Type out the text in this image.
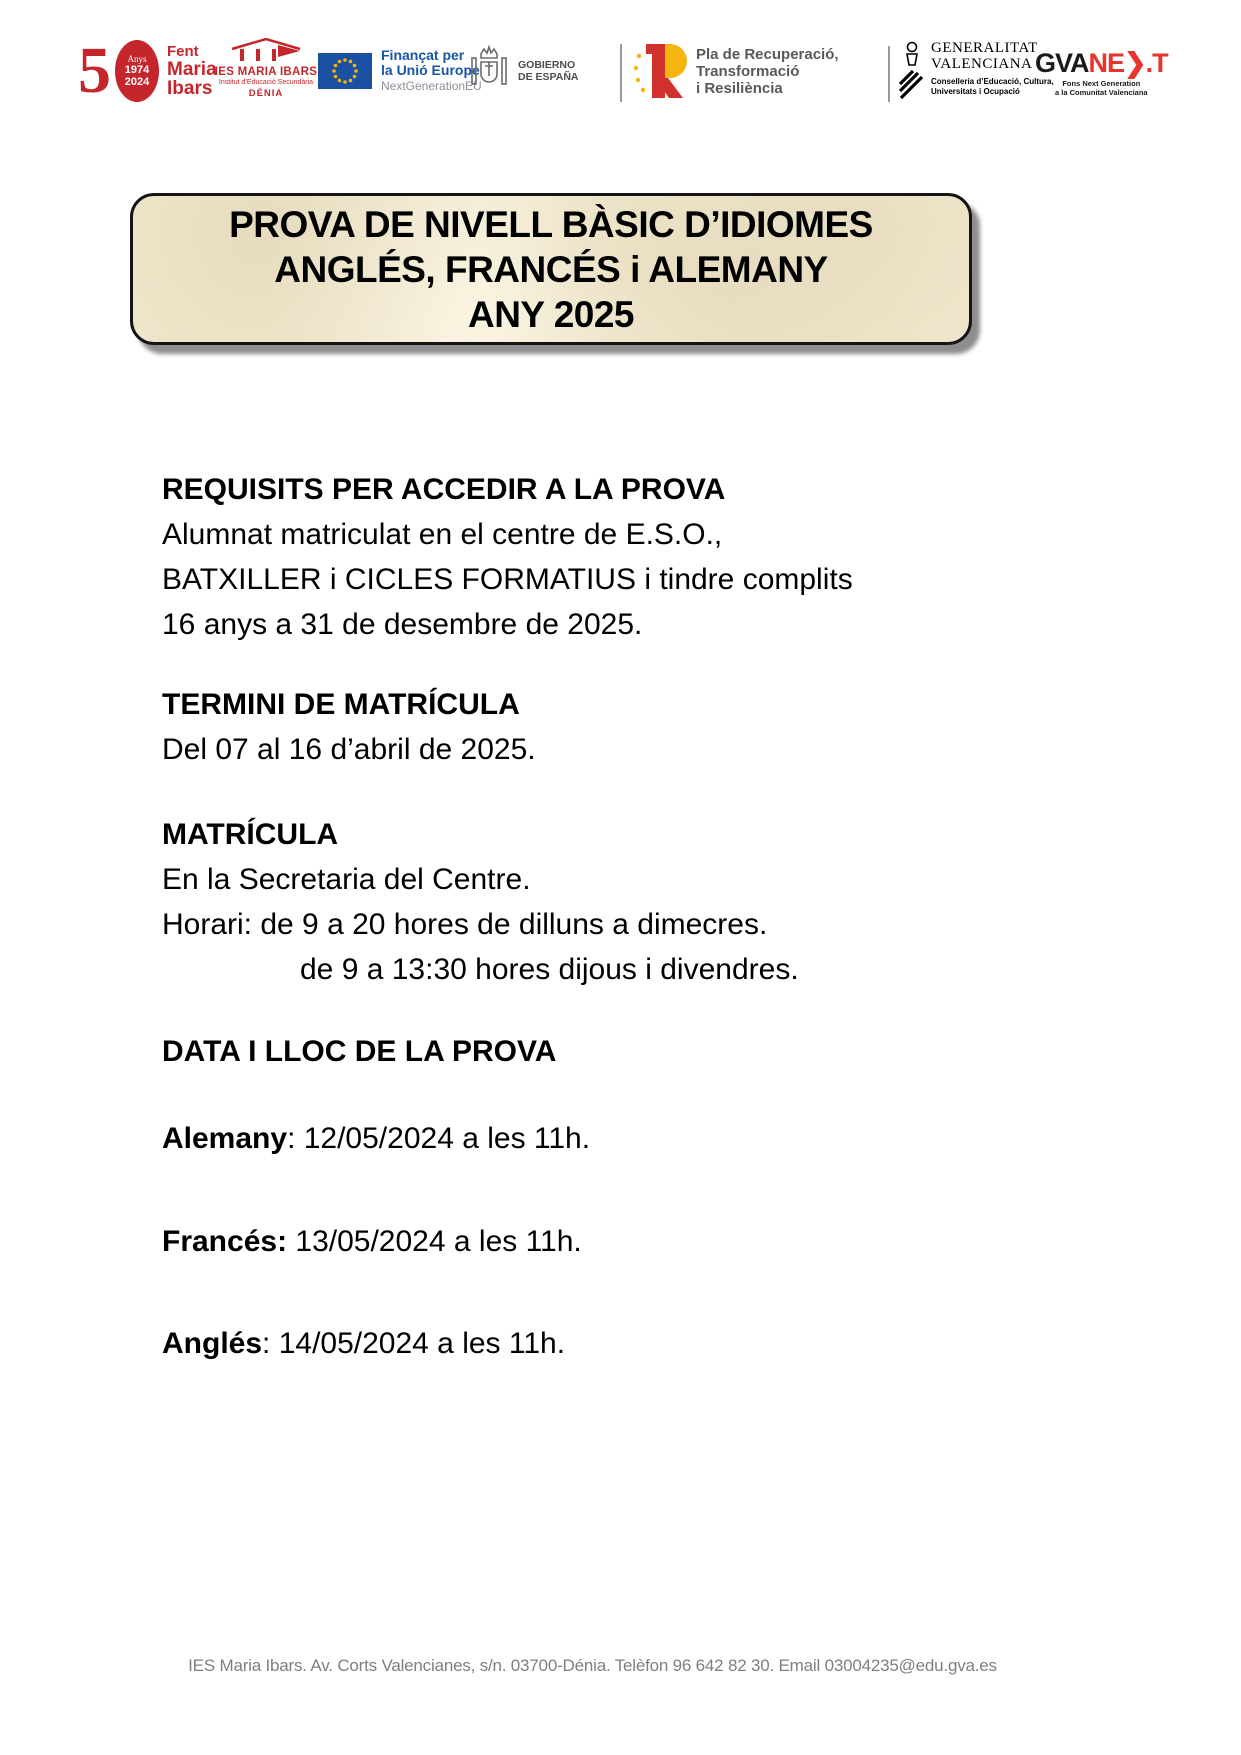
5 Anys
1974
2024
Fent
Maria
Ibars
IES MARIA IBARS
Institut d’Educació Secundària
DÉNIA
Finançat per
la Unió Europe
NextGenerationEU
GOBIERNO
DE ESPAÑA
Pla de Recuperació,
Transformació
i Resiliència
GENERALITAT
VALENCIANA
Conselleria d’Educació, Cultura,
Universitats i Ocupació
GVANE❯.T
Fons Next Generation
a la Comunitat Valenciana
PROVA DE NIVELL BÀSIC D’IDIOMES
ANGLÉS, FRANCÉS i ALEMANY
ANY 2025

REQUISITS PER ACCEDIR A LA PROVA

Alumnat matriculat en el centre de E.S.O.,

BATXILLER i CICLES FORMATIUS i tindre complits

16 anys a 31 de desembre de 2025.

TERMINI DE MATRÍCULA

Del 07 al 16 d’abril de 2025.

MATRÍCULA

En la Secretaria del Centre.

Horari: de 9 a 20 hores de dilluns a dimecres.

de 9 a 13:30 hores dijous i divendres.

DATA I LLOC DE LA PROVA

Alemany: 12/05/2024 a les 11h.

Francés: 13/05/2024 a les 11h.

Anglés: 14/05/2024 a les 11h.

IES Maria Ibars. Av. Corts Valencianes, s/n. 03700-Dénia. Telèfon 96 642 82 30. Email 03004235@edu.gva.es
